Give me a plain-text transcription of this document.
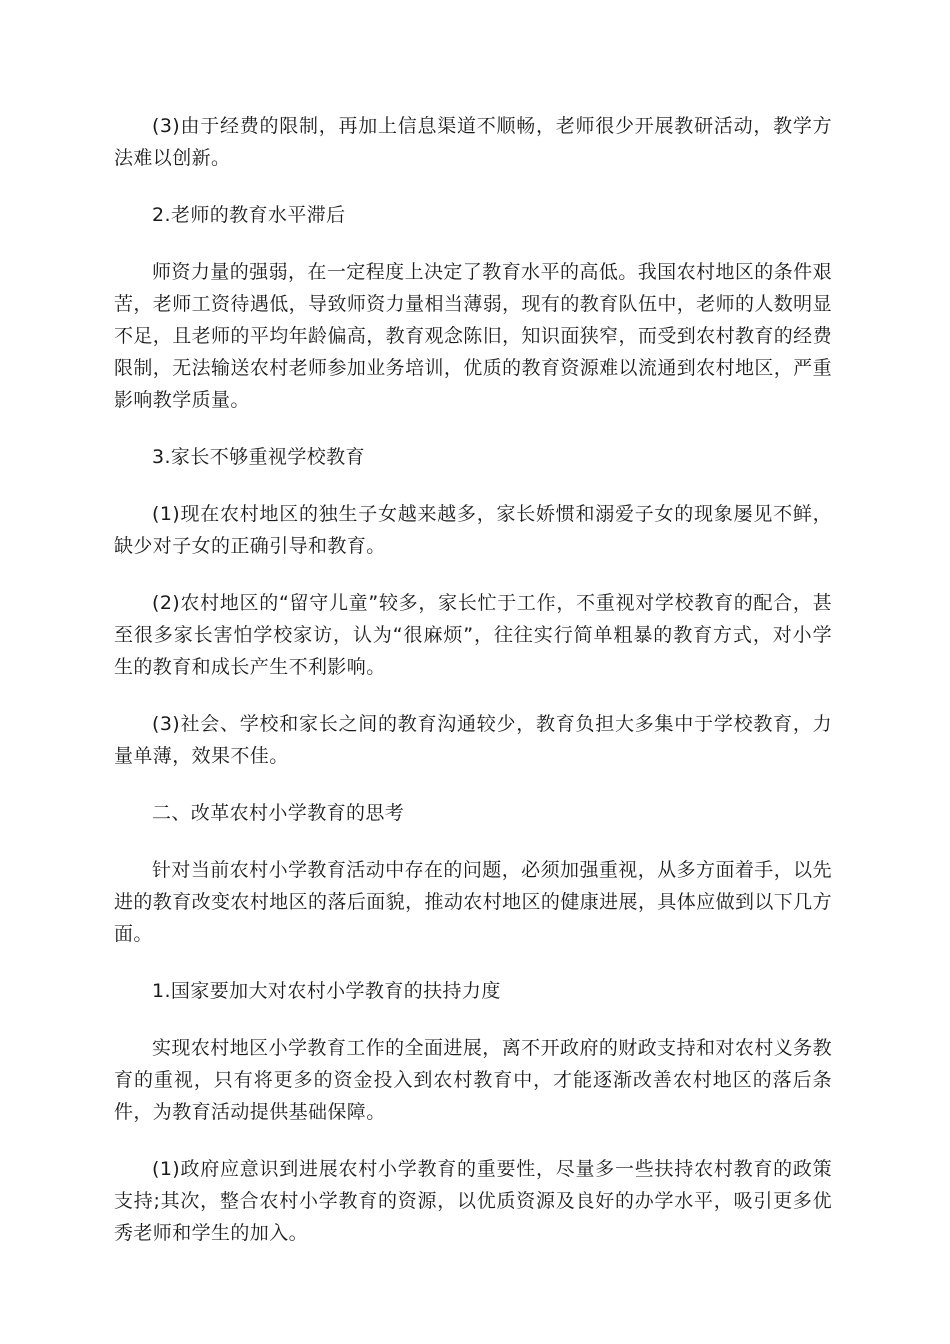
(3)由于经费的限制，再加上信息渠道不顺畅，老师很少开展教研活动，教学方法难以创新。

2.老师的教育水平滞后

师资力量的强弱，在一定程度上决定了教育水平的高低。我国农村地区的条件艰苦，老师工资待遇低，导致师资力量相当薄弱，现有的教育队伍中，老师的人数明显不足，且老师的平均年龄偏高，教育观念陈旧，知识面狭窄，而受到农村教育的经费限制，无法输送农村老师参加业务培训，优质的教育资源难以流通到农村地区，严重影响教学质量。

3.家长不够重视学校教育

(1)现在农村地区的独生子女越来越多，家长娇惯和溺爱子女的现象屡见不鲜，缺少对子女的正确引导和教育。

(2)农村地区的“留守儿童”较多，家长忙于工作，不重视对学校教育的配合，甚至很多家长害怕学校家访，认为“很麻烦”，往往实行简单粗暴的教育方式，对小学生的教育和成长产生不利影响。

(3)社会、学校和家长之间的教育沟通较少，教育负担大多集中于学校教育，力量单薄，效果不佳。

二、改革农村小学教育的思考

针对当前农村小学教育活动中存在的问题，必须加强重视，从多方面着手，以先进的教育改变农村地区的落后面貌，推动农村地区的健康进展，具体应做到以下几方面。

1.国家要加大对农村小学教育的扶持力度

实现农村地区小学教育工作的全面进展，离不开政府的财政支持和对农村义务教育的重视，只有将更多的资金投入到农村教育中，才能逐渐改善农村地区的落后条件，为教育活动提供基础保障。

(1)政府应意识到进展农村小学教育的重要性，尽量多一些扶持农村教育的政策支持;其次，整合农村小学教育的资源，以优质资源及良好的办学水平，吸引更多优秀老师和学生的加入。
